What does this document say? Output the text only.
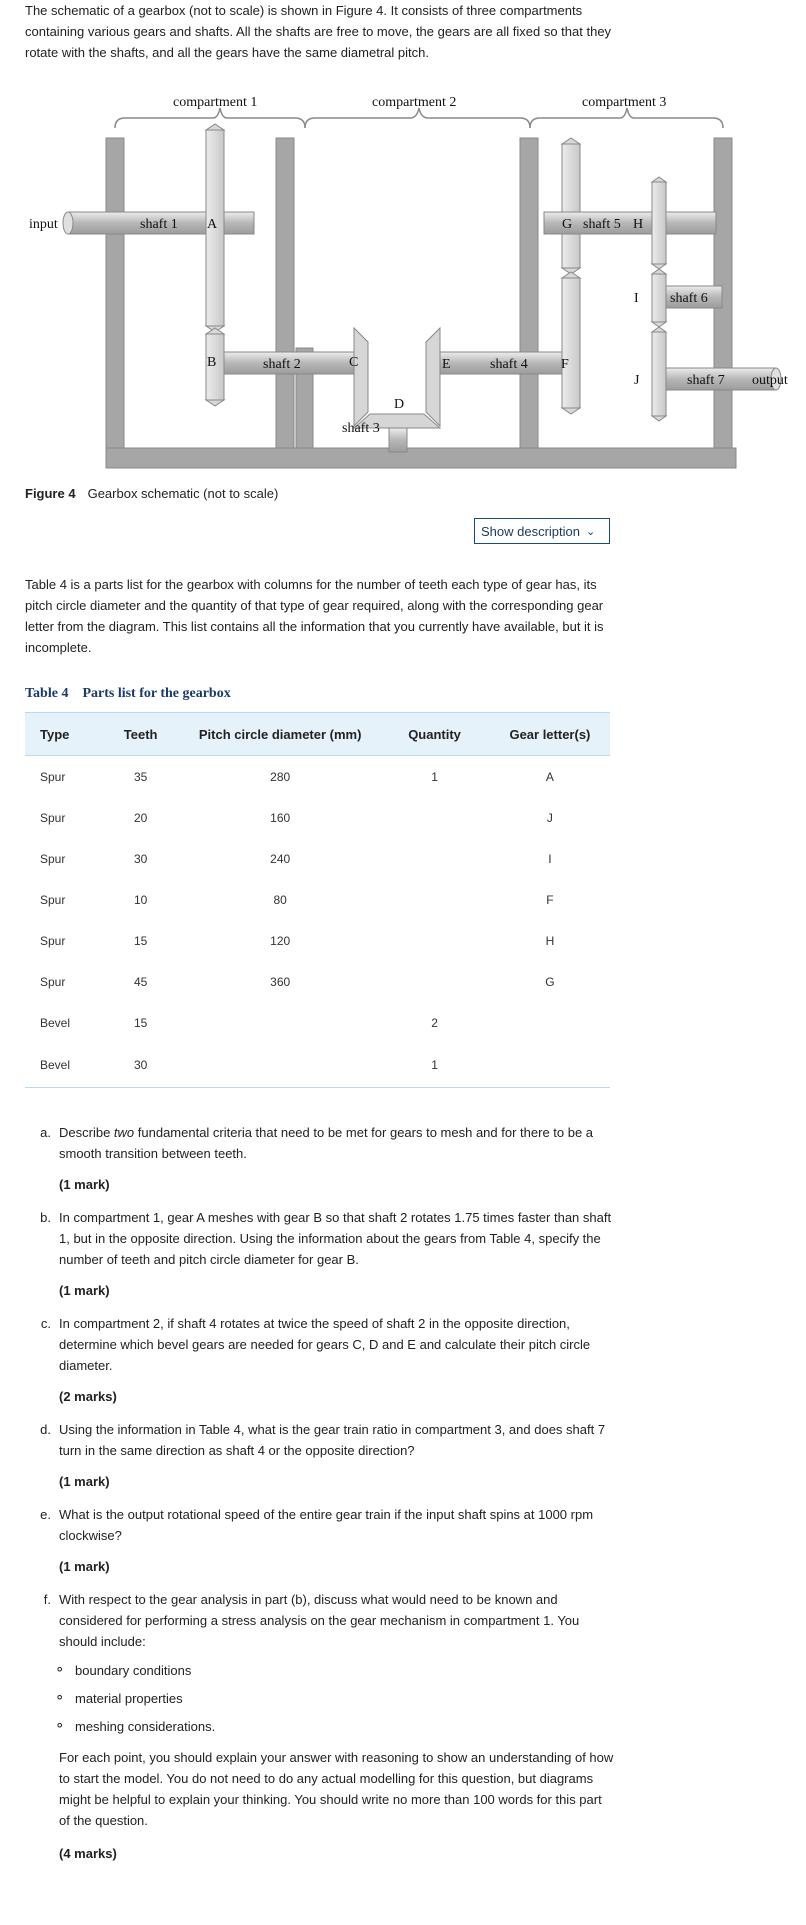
The schematic of a gearbox (not to scale) is shown in Figure 4. It consists of three compartments containing various gears and shafts. All the shafts are free to move, the gears are all fixed so that they rotate with the shafts, and all the gears have the same diametral pitch.
compartment 1	compartment 2	compartment 3
input	shaft 1 A
B	shaft 2	C
D
shaft 3
E	shaft 4 F
G shaft 5 H
I shaft 6
J	shaft 7 output
Figure 4 Gearbox schematic (not to scale)
Show description ⌄
Table 4 is a parts list for the gearbox with columns for the number of teeth each type of gear has, its pitch circle diameter and the quantity of that type of gear required, along with the corresponding gear letter from the diagram. This list contains all the information that you currently have available, but it is incomplete.
Table 4 Parts list for the gearbox
Type	Teeth	Pitch circle diameter (mm)	Quantity	Gear letter(s)
Spur	35	280	1	A
Spur	20	160		J
Spur	30	240		I
Spur	10	80		F
Spur	15	120		H
Spur	45	360		G
Bevel	15		2	
Bevel	30		1	
a. Describe two fundamental criteria that need to be met for gears to mesh and for there to be a smooth transition between teeth.
(1 mark)
b. In compartment 1, gear A meshes with gear B so that shaft 2 rotates 1.75 times faster than shaft 1, but in the opposite direction. Using the information about the gears from Table 4, specify the number of teeth and pitch circle diameter for gear B.
(1 mark)
c. In compartment 2, if shaft 4 rotates at twice the speed of shaft 2 in the opposite direction, determine which bevel gears are needed for gears C, D and E and calculate their pitch circle diameter.
(2 marks)
d. Using the information in Table 4, what is the gear train ratio in compartment 3, and does shaft 7 turn in the same direction as shaft 4 or the opposite direction?
(1 mark)
e. What is the output rotational speed of the entire gear train if the input shaft spins at 1000 rpm clockwise?
(1 mark)
f. With respect to the gear analysis in part (b), discuss what would need to be known and considered for performing a stress analysis on the gear mechanism in compartment 1. You should include:
∘ boundary conditions
∘ material properties
∘ meshing considerations.
For each point, you should explain your answer with reasoning to show an understanding of how to start the model. You do not need to do any actual modelling for this question, but diagrams might be helpful to explain your thinking. You should write no more than 100 words for this part of the question.
(4 marks)
